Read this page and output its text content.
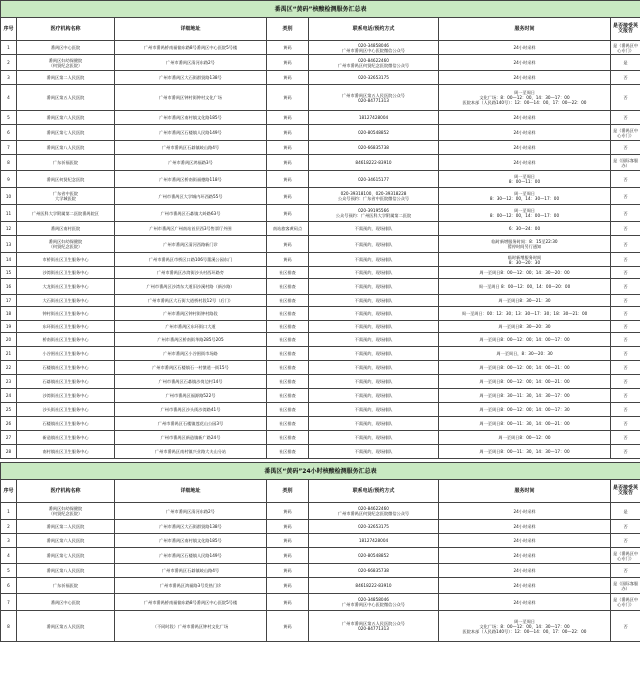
番禺区“黄码”核酸检测服务汇总表						
序号	医疗机构名称	详细地址	类别	联系电话/预约方式	服务时间	是否接受英文报告
1	番禺区中心医院	广州市番禺桥南福愉东路8号番禺区中心医院5号楼	黄码	020-34858046
广州市番禺区中心医院微信公众号	24小时采样	是（番禺区中心专门）
2	番禺区妇幼保健院
（何贤纪念医院）	广州市番禺区清河东路2号	黄码	020-84622460
广州市番禺区何贤纪念医院微信公众号	24小时采样	是
3	番禺区第二人民医院	广州市番禺区大石街群贤路138号	黄码	020-32653175	24小时采样	否
4	番禺区第五人民医院	广州市番禺区钟村街钟村文化广场	黄码	广州市番禺区第五人民医院公众号
020-84771313	周一至周日
文化广场：8：00—12：00，14：30—17：00
医院本部（人民路140号）：12：00—14：00，17：00—22：00	否
5	番禺区第六人民医院	广州市番禺区南村镇文化路185号	黄码	18127428004	24小时采样	否
6	番禺区第七人民医院	广州市番禺区石楼镇人民路149号	黄码	020-80548852	24小时采样	是（番禺区中心专门）
7	番禺区第八人民医院	广州市番禺区石碁镇岐山路4号	黄码	020-66835738	24小时采样	否
8	广东祈福医院	广州市番禺区鸿福路3号	黄码	84618222-83910	24小时采样	是（国际客服办）
9	番禺区何贤纪念医院	广州市番禺区桥南街福德路118号	黄码	020-34615177	周一至周日
8：00—11：00	否
10	广东省中医院
大学城医院	广州市番禺区大学城内环西路55号	黄码	020-39318100、020-39318228
公众号预约：广东省中医院微信公众号	周一至周日
8：30—12：00，14：30—17：00	否
11	广州医科大学附属第二医院番禺院区	广州市番禺区石碁镇大岭路63号	黄码	020-39195566
公众号预约：广州医科大学附属第二医院	周一至周日
8：00—12：00，14：00—17：00	否
12	番禺区南村医院	广州市番禺区广州南站首层西3号售票厅外围	南站旅客黄码点	不需预约，现场排队	6：30—24：00	否
13	番禺区妇幼保健院
（何贤纪念医院）	广州市番禺区清河西路新门诊	黄码	不需预约，现场排队	临时新增服务时间：8：15至22:30
暂停时间另行通知	否
14	市桥街社区卫生服务中心	广州市番禺区市桥区口路106号董溪公园东门	黄码	不需预约，现场排队	临时新增服务时间
8：30—20：30	否
15	沙湾街社区卫生服务中心	广州市番禺区沙湾街沙头村西环路旁	社区排查	不需预约，现场排队	周一至周日8：00—12：00；14：30—20：00	否
16	大龙街社区卫生服务中心	广州市番禺区沙湾东大道旧沙溪村路（新沙路）	社区排查	不需预约，现场排队	周一至周日 8：00—12：00，14：00—20：00	否
17	大石街社区卫生服务中心	广州市番禺区大石街大道桥村段12号（后门）	社区排查	不需预约，现场排队	周一至周日8：30—21：30	否
18	钟村街社区卫生服务中心	广州市番禺区钟村街钟村路段	社区排查	不需预约，现场排队	周一至周日：00：12：30；13：30—17：30；18：30—21：00	否
19	东环街社区卫生服务中心	广州市番禺区东环街口大道	社区排查	不需预约，现场排队	周一至周日8：30—20：30	否
20	桥南街社区卫生服务中心	广州市番禺区桥南街华路285号205	社区排查	不需预约，现场排队	周一至周日8：00—12：00；14：00—17：00	否
21	小谷围社区卫生服务中心	广州市番禺区小谷围街市场路	社区排查	不需预约，现场排队	周一至周日，8：30—20：30	否
22	石楼镇社区卫生服务中心	广州市番禺区石楼镇石一村惯道一街15号	社区排查	不需预约，现场排队	周一至周日8：00—12：00；14：00—21：00	否
23	石碁镇社区卫生服务中心	广州市番禺区石碁镇沙岗边村14号	社区排查	不需预约，现场排队	周一至周日8：00—12：00；14：00—21：00	否
24	沙湾街社区卫生服务中心	广州市番禺区福源路522号	社区排查	不需预约，现场排队	周一至周日8：30—11：30，14：30—17：00	否
25	沙头街社区卫生服务中心	广州市番禺区沙头街沙湾路41号	社区排查	不需预约，现场排队	周一至周日8：00—12：00；14：00—17：30	否
26	石楼镇社区卫生服务中心	广州市番禺区石楼镇莲花山公园3号	社区排查	不需预约，现场排队	周一至周日8：00—11：30，14：00—21：00	否
27	新造镇社区卫生服务中心	广州市番禺区新造镇新广路24号	社区排查	不需预约，现场排队	周一至周日8：00—12：00	否
28	南村镇社区卫生服务中心	广州市番禺区南村镇兴业路大夫山分站	社区排查	不需预约，现场排队	周一至周日8：00—11：30，14：30—17：00	否
番禺区“黄码”24小时核酸检测服务汇总表						
序号	医疗机构名称	详细地址	类别	联系电话/预约方式	服务时间	是否接受英文报告
1	番禺区妇幼保健院
（何贤纪念医院）	广州市番禺区清河东路2号	黄码	020-84622460
广州市番禺区何贤纪念医院微信公众号	24小时采样	是
2	番禺区第二人民医院	广州市番禺区大石街群贤路138号	黄码	020-32653175	24小时采样	否
3	番禺区第六人民医院	广州市番禺区南村镇文化路185号	黄码	18127428004	24小时采样	否
4	番禺区第七人民医院	广州市番禺区石楼镇人民路149号	黄码	020-80548852	24小时采样	是（番禺区中心专门）
5	番禺区第八人民医院	广州市番禺区石碁镇岐山路4号	黄码	020-66835738	24小时采样	否
6	广东祈福医院	广州市番禺区鸿福路3号发热门诊	黄码	84618222-83910	24小时采样	是（国际客服办）
7	番禺区中心医院	广州市番禺桥南福愉东路8号番禺区中心医院5号楼	黄码	020-34858046
广州市番禺区中心医院微信公众号	24小时采样	是（番禺区中心专门）
8	番禺区第五人民医院	（不同时段）广州市番禺区钟村文化广场	黄码	广州市番禺区第五人民医院公众号
020-84771313	周一至周日
文化广场：8：00—12：00，14：30—17：00
医院本部（人民路140号）：12：00—14：00，17：00—22：00	否
